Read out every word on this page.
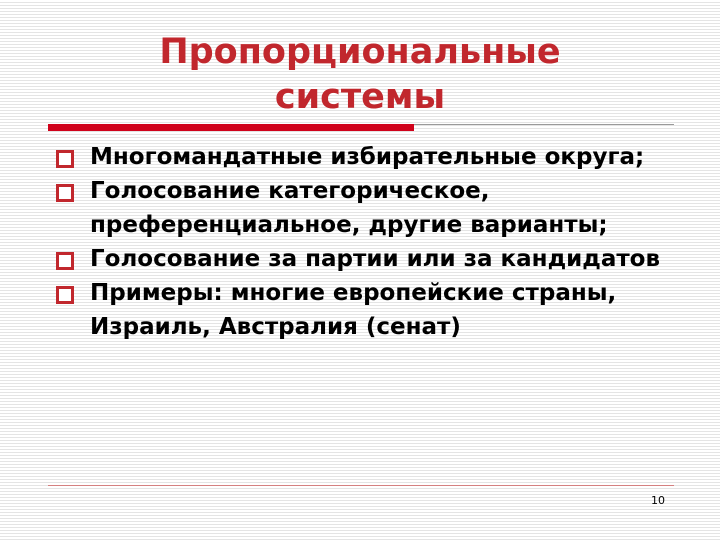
Пропорциональные
системы
Многомандатные избирательные округа;
Голосование категорическое, преференциальное, другие варианты;
Голосование за партии или за кандидатов
Примеры: многие европейские страны, Израиль, Австралия (сенат)
10
